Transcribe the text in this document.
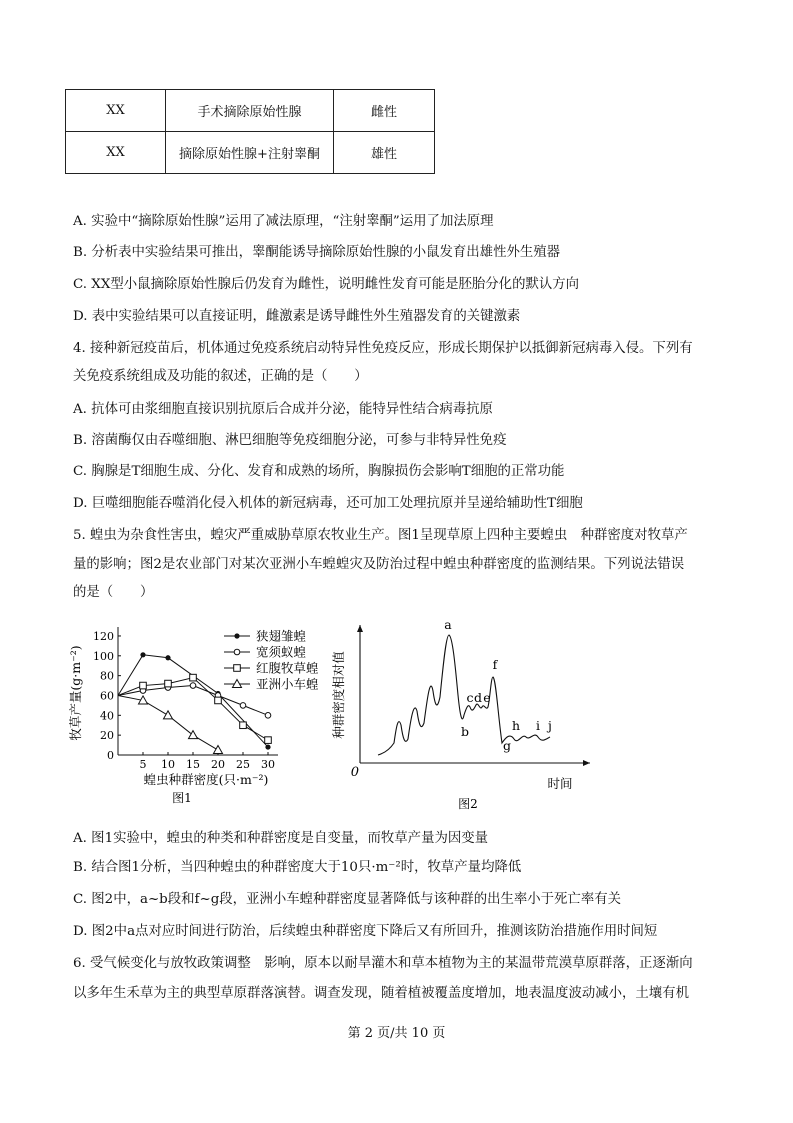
XX	手术摘除原始性腺	雌性
XX	摘除原始性腺+注射睾酮	雄性
A. 实验中“摘除原始性腺”运用了减法原理，“注射睾酮”运用了加法原理
B. 分析表中实验结果可推出，睾酮能诱导摘除原始性腺的小鼠发育出雄性外生殖器
C. XX型小鼠摘除原始性腺后仍发育为雌性，说明雌性发育可能是胚胎分化的默认方向
D. 表中实验结果可以直接证明，雌激素是诱导雌性外生殖器发育的关键激素
4. 接种新冠疫苗后，机体通过免疫系统启动特异性免疫反应，形成长期保护以抵御新冠病毒入侵。下列有
关免疫系统组成及功能的叙述，正确的是（　　）
A. 抗体可由浆细胞直接识别抗原后合成并分泌，能特异性结合病毒抗原
B. 溶菌酶仅由吞噬细胞、淋巴细胞等免疫细胞分泌，可参与非特异性免疫
C. 胸腺是T细胞生成、分化、发育和成熟的场所，胸腺损伤会影响T细胞的正常功能
D. 巨噬细胞能吞噬消化侵入机体的新冠病毒，还可加工处理抗原并呈递给辅助性T细胞
5. 蝗虫为杂食性害虫，蝗灾严重威胁草原农牧业生产。图1呈现草原上四种主要蝗虫　种群密度对牧草产
量的影响；图2是农业部门对某次亚洲小车蝗蝗灾及防治过程中蝗虫种群密度的监测结果。下列说法错误
的是（　　）
5 10 15 20 25 30
0
20
40
60
80
100
120
蝗虫种群密度(只·m⁻²)
牧草产量(g·m⁻²)
图1
狭翅雏蝗
宽须蚁蝗
红腹牧草蝗
亚洲小车蝗
0
时间
种群密度相对值
图2
a
b
c d e
f
g
h i j
A. 图1实验中，蝗虫的种类和种群密度是自变量，而牧草产量为因变量
B. 结合图1分析，当四种蝗虫的种群密度大于10只·m⁻²时，牧草产量均降低
C. 图2中，a~b段和f~g段，亚洲小车蝗种群密度显著降低与该种群的出生率小于死亡率有关
D. 图2中a点对应时间进行防治，后续蝗虫种群密度下降后又有所回升，推测该防治措施作用时间短
6. 受气候变化与放牧政策调整　影响，原本以耐旱灌木和草本植物为主的某温带荒漠草原群落，正逐渐向
以多年生禾草为主的典型草原群落演替。调查发现，随着植被覆盖度增加，地表温度波动减小，土壤有机
第 2 页/共 10 页
